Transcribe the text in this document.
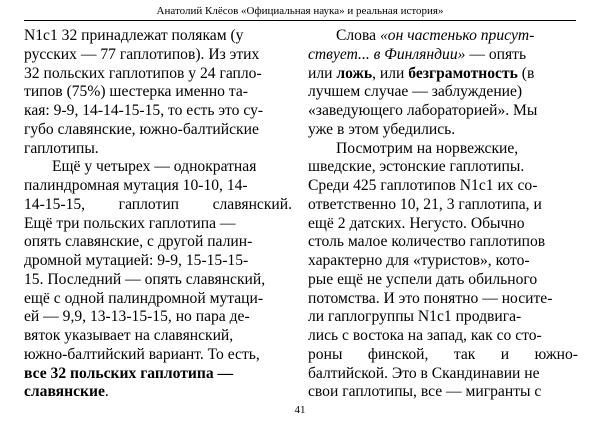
Анатолий Клёсов «Официальная наука» и реальная история»
N1c1 32 принадлежат полякам (у
русских — 77 гаплотипов). Из этих
32 польских гаплотипов у 24 гапло-
типов (75%) шестерка именно та-
кая: 9-9, 14-14-15-15, то есть это су-
губо славянские, южно-балтийские
гаплотипы.
Ещё у четырех — однократная
палиндромная мутация 10-10, 14-
14-15-15, гаплотип славянский.
Ещё три польских гаплотипа —
опять славянские, с другой палин-
дромной мутацией: 9-9, 15-15-15-
15. Последний — опять славянский,
ещё с одной палиндромной мутаци-
ей — 9,9, 13-13-15-15, но пара де-
вяток указывает на славянский,
южно-балтийский вариант. То есть,
все 32 польских гаплотипа —
славянские.
Слова «он частенько присут-
ствует... в Финляндии» — опять
или ложь, или безграмотность (в
лучшем случае — заблуждение)
«заведующего лабораторией». Мы
уже в этом убедились.
Посмотрим на норвежские,
шведские, эстонские гаплотипы.
Среди 425 гаплотипов N1c1 их со-
ответственно 10, 21, 3 гаплотипа, и
ещё 2 датских. Негусто. Обычно
столь малое количество гаплотипов
характерно для «туристов», кото-
рые ещё не успели дать обильного
потомства. И это понятно — носите-
ли гаплогруппы N1c1 продвига-
лись с востока на запад, как со сто-
роны финской, так и южно-
балтийской. Это в Скандинавии не
свои гаплотипы, все — мигранты с
41
